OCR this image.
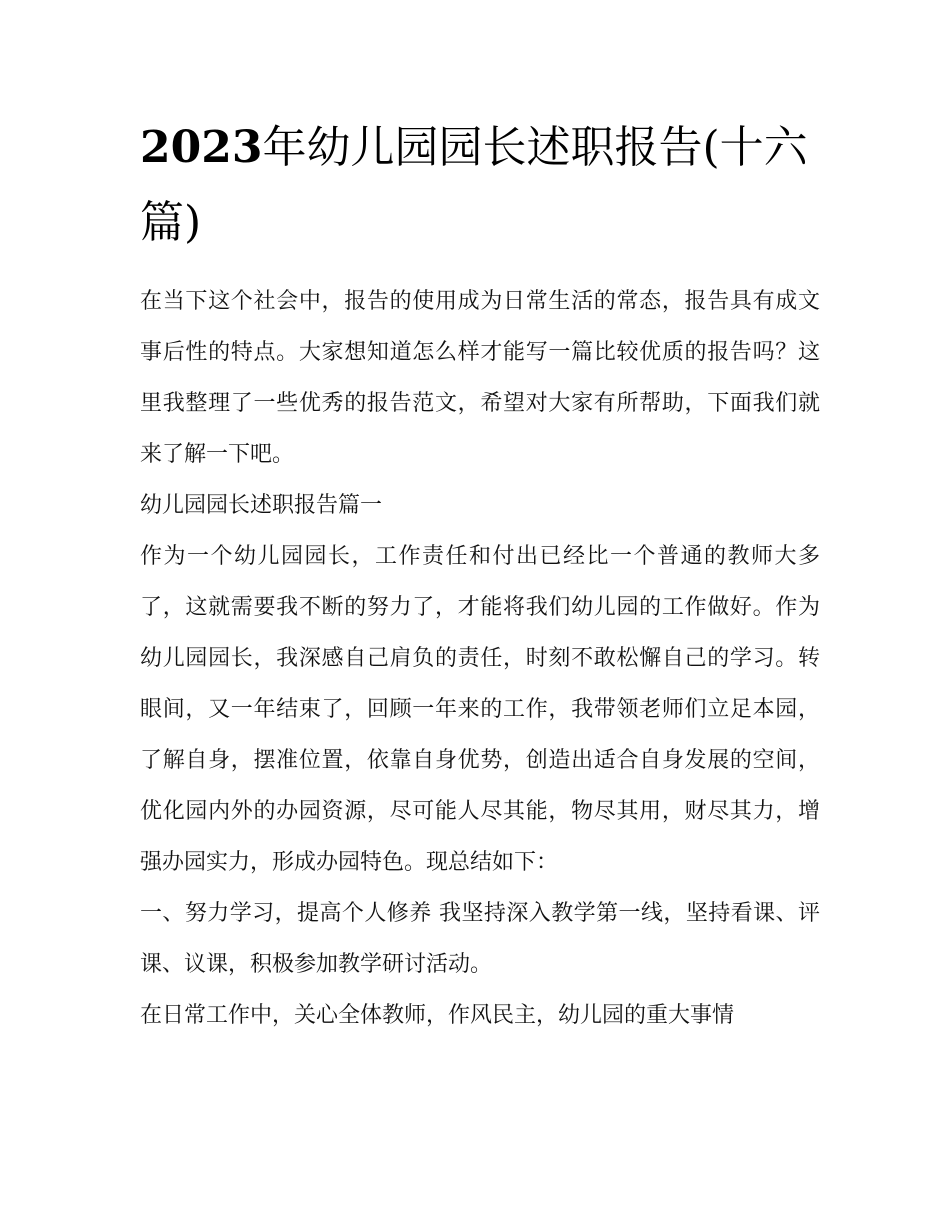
2023年幼儿园园长述职报告(十六篇)

在当下这个社会中，报告的使用成为日常生活的常态，报告具有成文事后性的特点。大家想知道怎么样才能写一篇比较优质的报告吗？这里我整理了一些优秀的报告范文，希望对大家有所帮助，下面我们就来了解一下吧。

幼儿园园长述职报告篇一

作为一个幼儿园园长，工作责任和付出已经比一个普通的教师大多了，这就需要我不断的努力了，才能将我们幼儿园的工作做好。作为幼儿园园长，我深感自己肩负的责任，时刻不敢松懈自己的学习。转眼间，又一年结束了，回顾一年来的工作，我带领老师们立足本园，了解自身，摆准位置，依靠自身优势，创造出适合自身发展的空间，优化园内外的办园资源，尽可能人尽其能，物尽其用，财尽其力，增强办园实力，形成办园特色。现总结如下：

一、努力学习，提高个人修养 我坚持深入教学第一线，坚持看课、评课、议课，积极参加教学研讨活动。

在日常工作中，关心全体教师，作风民主，幼儿园的重大事情
